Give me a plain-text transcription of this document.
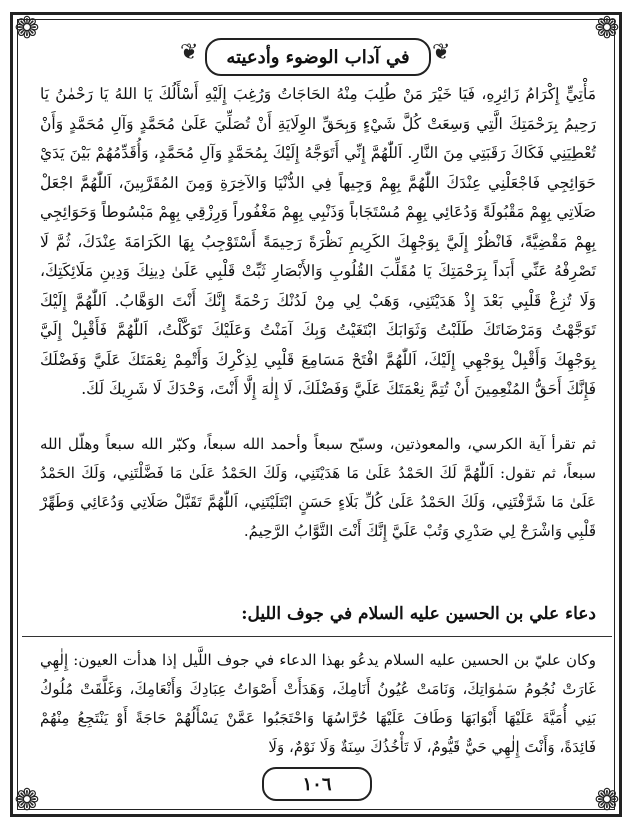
❁	❁
❁	❁
❦	❦
في آداب الوضوء وأدعيته

مَأْتِيٍّ إِكْرَامُ زَائِرِهِ، فَيَا خَيْرَ مَنْ طُلِبَ مِنْهُ الحَاجَاتُ وَرُغِبَ إِلَيْهِ أَسْأَلُكَ يَا اللهُ يَا رَحْمٰنُ يَا رَحِيمُ بِرَحْمَتِكَ الَّتِي وَسِعَتْ كُلَّ شَيْءٍ وَبِحَقِّ الوِلَايَةِ أَنْ تُصَلِّيَ عَلَىٰ مُحَمَّدٍ وَآلِ مُحَمَّدٍ وَأَنْ تُعْطِيَنِي فَكَاكَ رَقَبَتِي مِنَ النَّارِ. اَللّٰهُمَّ إِنِّي أَتَوَجَّهُ إِلَيْكَ بِمُحَمَّدٍ وَآلِ مُحَمَّدٍ، وَأُقَدِّمُهُمْ بَيْنَ يَدَيْ حَوَائِجِي فَاجْعَلْنِي عِنْدَكَ اللّٰهُمَّ بِهِمْ وَجِيهاً فِي الدُّنْيَا وَالآخِرَةِ وَمِنَ المُقَرَّبِينَ، اَللّٰهُمَّ اجْعَلْ صَلَاتِي بِهِمْ مَقْبُولَةً وَدُعَائِي بِهِمْ مُسْتَجَاباً وَذَنْبِي بِهِمْ مَغْفُوراً وَرِزْقِي بِهِمْ مَبْسُوطاً وَحَوَائِجِي بِهِمْ مَقْضِيَّةً، فَانْظُرْ إِلَيَّ بِوَجْهِكَ الكَرِيمِ نَظْرَةً رَحِيمَةً أَسْتَوْجِبُ بِهَا الكَرَامَةَ عِنْدَكَ، ثُمَّ لَا تَصْرِفْهُ عَنِّي أَبَداً بِرَحْمَتِكَ يَا مُقَلِّبَ القُلُوبِ وَالأَبْصَارِ ثَبِّتْ قَلْبِي عَلَىٰ دِينِكَ وَدِينِ مَلَائِكَتِكَ، وَلَا تُزِغْ قَلْبِي بَعْدَ إِذْ هَدَيْتَنِي، وَهَبْ لِي مِنْ لَدُنْكَ رَحْمَةً إِنَّكَ أَنْتَ الوَهَّابُ. اَللّٰهُمَّ إِلَيْكَ تَوَجَّهْتُ وَمَرْضَاتَكَ طَلَبْتُ وَثَوَابَكَ ابْتَغَيْتُ وَبِكَ آمَنْتُ وَعَلَيْكَ تَوَكَّلْتُ، اَللّٰهُمَّ فَأَقْبِلْ إِلَيَّ بِوَجْهِكَ وَأَقْبِلْ بِوَجْهِي إِلَيْكَ، اَللّٰهُمَّ افْتَحْ مَسَامِعَ قَلْبِي لِذِكْرِكَ وَأَتْمِمْ نِعْمَتَكَ عَلَيَّ وَفَضْلَكَ فَإِنَّكَ أَحَقُّ المُنْعِمِينَ أَنْ تُتِمَّ نِعْمَتَكَ عَلَيَّ وَفَضْلَكَ، لَا إِلٰهَ إِلَّا أَنْتَ، وَحْدَكَ لَا شَرِيكَ لَكَ.

ثم تقرأ آية الكرسي، والمعوذتين، وسبّح سبعاً وأحمد الله سبعاً، وكبّر الله سبعاً وهلّل الله سبعاً، ثم تقول: اَللّٰهُمَّ لَكَ الحَمْدُ عَلَىٰ مَا هَدَيْتَنِي، وَلَكَ الحَمْدُ عَلَىٰ مَا فَضَّلْتَنِي، وَلَكَ الحَمْدُ عَلَىٰ مَا شَرَّفْتَنِي، وَلَكَ الحَمْدُ عَلَىٰ كُلِّ بَلَاءٍ حَسَنٍ ابْتَلَيْتَنِي، اَللّٰهُمَّ تَقَبَّلْ صَلَاتِي وَدُعَائِي وَطَهِّرْ قَلْبِي وَاشْرَحْ لِي صَدْرِي وَتُبْ عَلَيَّ إِنَّكَ أَنْتَ التَّوَّابُ الرَّحِيمُ.

دعاء علي بن الحسين عليه السلام في جوف الليل:

وكان عليّ بن الحسين عليه السلام يدعُو بهذا الدعاء في جوف اللَّيل إذا هدأت العيون: إِلٰهِي غَارَتْ نُجُومُ سَمٰوَاتِكَ، وَنَامَتْ عُيُونُ أَنَامِكَ، وَهَدَأَتْ أَصْوَاتُ عِبَادِكَ وَأَنْعَامِكَ، وَغَلَّقَتْ مُلُوكُ بَنِي أُمَيَّةَ عَلَيْهَا أَبْوَابَهَا وَطَافَ عَلَيْهَا حُرَّاسُهَا وَاحْتَجَبُوا عَمَّنْ يَسْأَلُهُمْ حَاجَةً أَوْ يَنْتَجِعُ مِنْهُمْ فَائِدَةً، وَأَنْتَ إِلٰهِي حَيٌّ قَيُّومٌ، لَا تَأْخُذُكَ سِنَةٌ وَلَا نَوْمٌ، وَلَا

١٠٦
